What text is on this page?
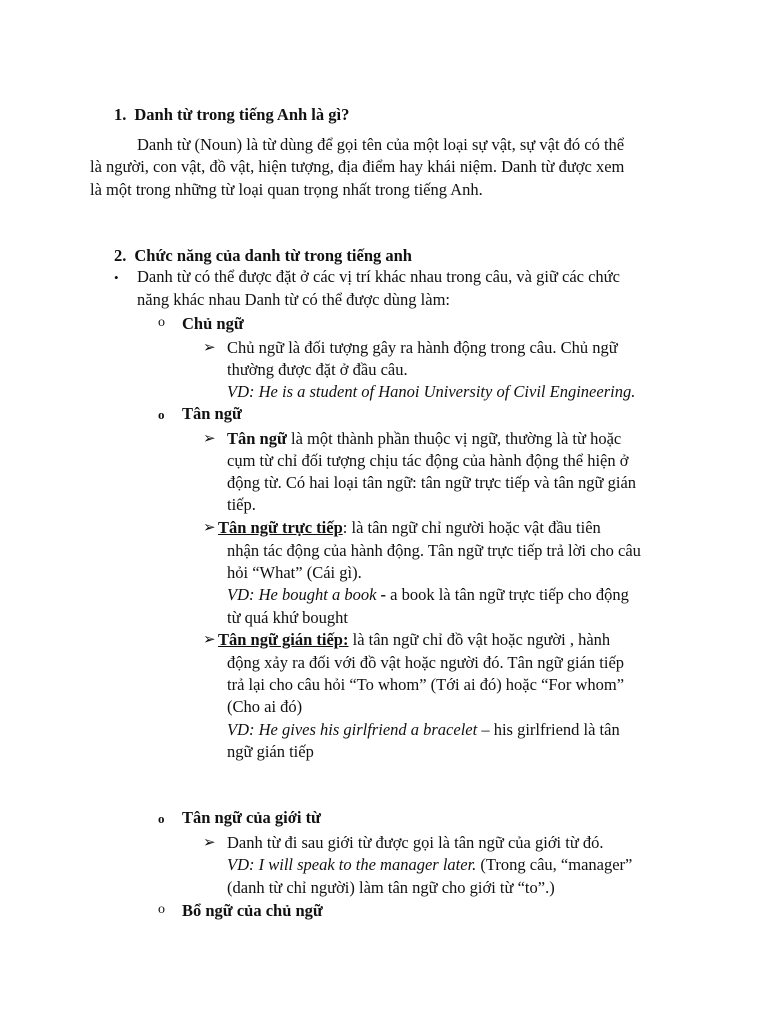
1. Danh từ trong tiếng Anh là gì?
Danh từ (Noun) là từ dùng để gọi tên của một loại sự vật, sự vật đó có thể
là người, con vật, đồ vật, hiện tượng, địa điểm hay khái niệm. Danh từ được xem
là một trong những từ loại quan trọng nhất trong tiếng Anh.
2. Chức năng của danh từ trong tiếng anh
• Danh từ có thể được đặt ở các vị trí khác nhau trong câu, và giữ các chức
năng khác nhau Danh từ có thể được dùng làm:
o Chủ ngữ
➢ Chủ ngữ là đối tượng gây ra hành động trong câu. Chủ ngữ
thường được đặt ở đầu câu.
VD: He is a student of Hanoi University of Civil Engineering.
o Tân ngữ
➢ Tân ngữ là một thành phần thuộc vị ngữ, thường là từ hoặc
cụm từ chỉ đối tượng chịu tác động của hành động thể hiện ở
động từ. Có hai loại tân ngữ: tân ngữ trực tiếp và tân ngữ gián
tiếp.
➢ Tân ngữ trực tiếp: là tân ngữ chỉ người hoặc vật đầu tiên
nhận tác động của hành động. Tân ngữ trực tiếp trả lời cho câu
hỏi “What” (Cái gì).
VD: He bought a book - a book là tân ngữ trực tiếp cho động
từ quá khứ bought
➢ Tân ngữ gián tiếp: là tân ngữ chỉ đồ vật hoặc người , hành
động xảy ra đối với đồ vật hoặc người đó. Tân ngữ gián tiếp
trả lại cho câu hỏi “To whom” (Tới ai đó) hoặc “For whom”
(Cho ai đó)
VD: He gives his girlfriend a bracelet – his girlfriend là tân
ngữ gián tiếp
o Tân ngữ của giới từ
➢ Danh từ đi sau giới từ được gọi là tân ngữ của giới từ đó.
VD: I will speak to the manager later. (Trong câu, “manager”
(danh từ chỉ người) làm tân ngữ cho giới từ “to”.)
o Bổ ngữ của chủ ngữ
